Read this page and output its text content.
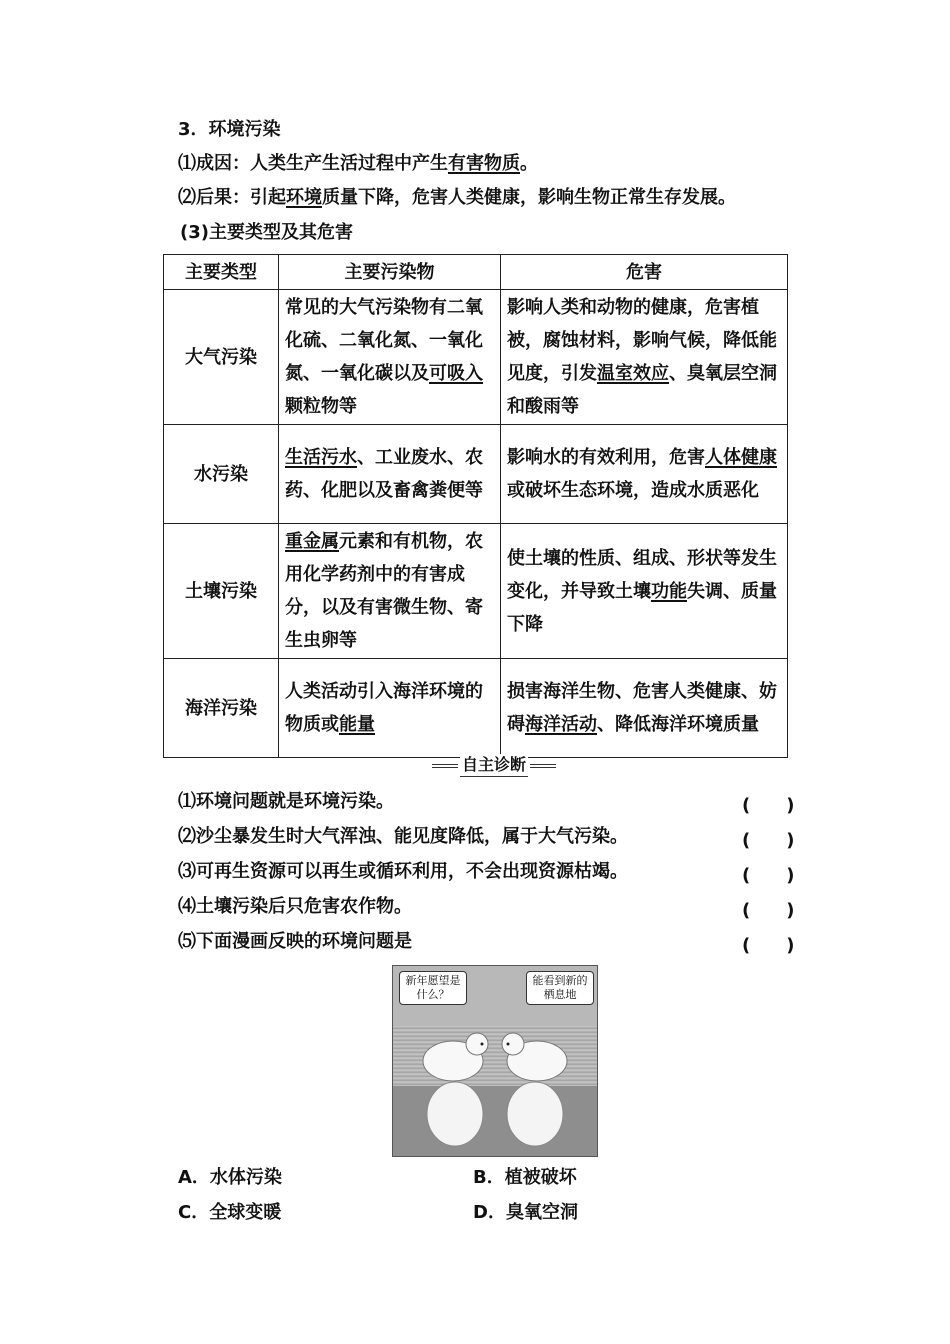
3．环境污染
⑴成因：人类生产生活过程中产生有害物质。
⑵后果：引起环境质量下降，危害人类健康，影响生物正常生存发展。
(3)主要类型及其危害
主要类型	主要污染物	危害
大气污染	常见的大气污染物有二氧化硫、二氧化氮、一氧化氮、一氧化碳以及可吸入颗粒物等	影响人类和动物的健康，危害植被，腐蚀材料，影响气候，降低能见度，引发温室效应、臭氧层空洞和酸雨等
水污染	生活污水、工业废水、农药、化肥以及畜禽粪便等	影响水的有效利用，危害人体健康或破坏生态环境，造成水质恶化
土壤污染	重金属元素和有机物，农用化学药剂中的有害成分，以及有害微生物、寄生虫卵等	使土壤的性质、组成、形状等发生变化，并导致土壤功能失调、质量下降
海洋污染	人类活动引入海洋环境的物质或能量	损害海洋生物、危害人类健康、妨碍海洋活动、降低海洋环境质量
自主诊断
⑴环境问题就是环境污染。	(　　)
⑵沙尘暴发生时大气浑浊、能见度降低，属于大气污染。	(　　)
⑶可再生资源可以再生或循环利用，不会出现资源枯竭。	(　　)
⑷土壤污染后只危害农作物。	(　　)
⑸下面漫画反映的环境问题是	(　　)
新年愿望是什么？
能看到新的栖息地
A．水体污染	B．植被破坏
C．全球变暖	D．臭氧空洞
